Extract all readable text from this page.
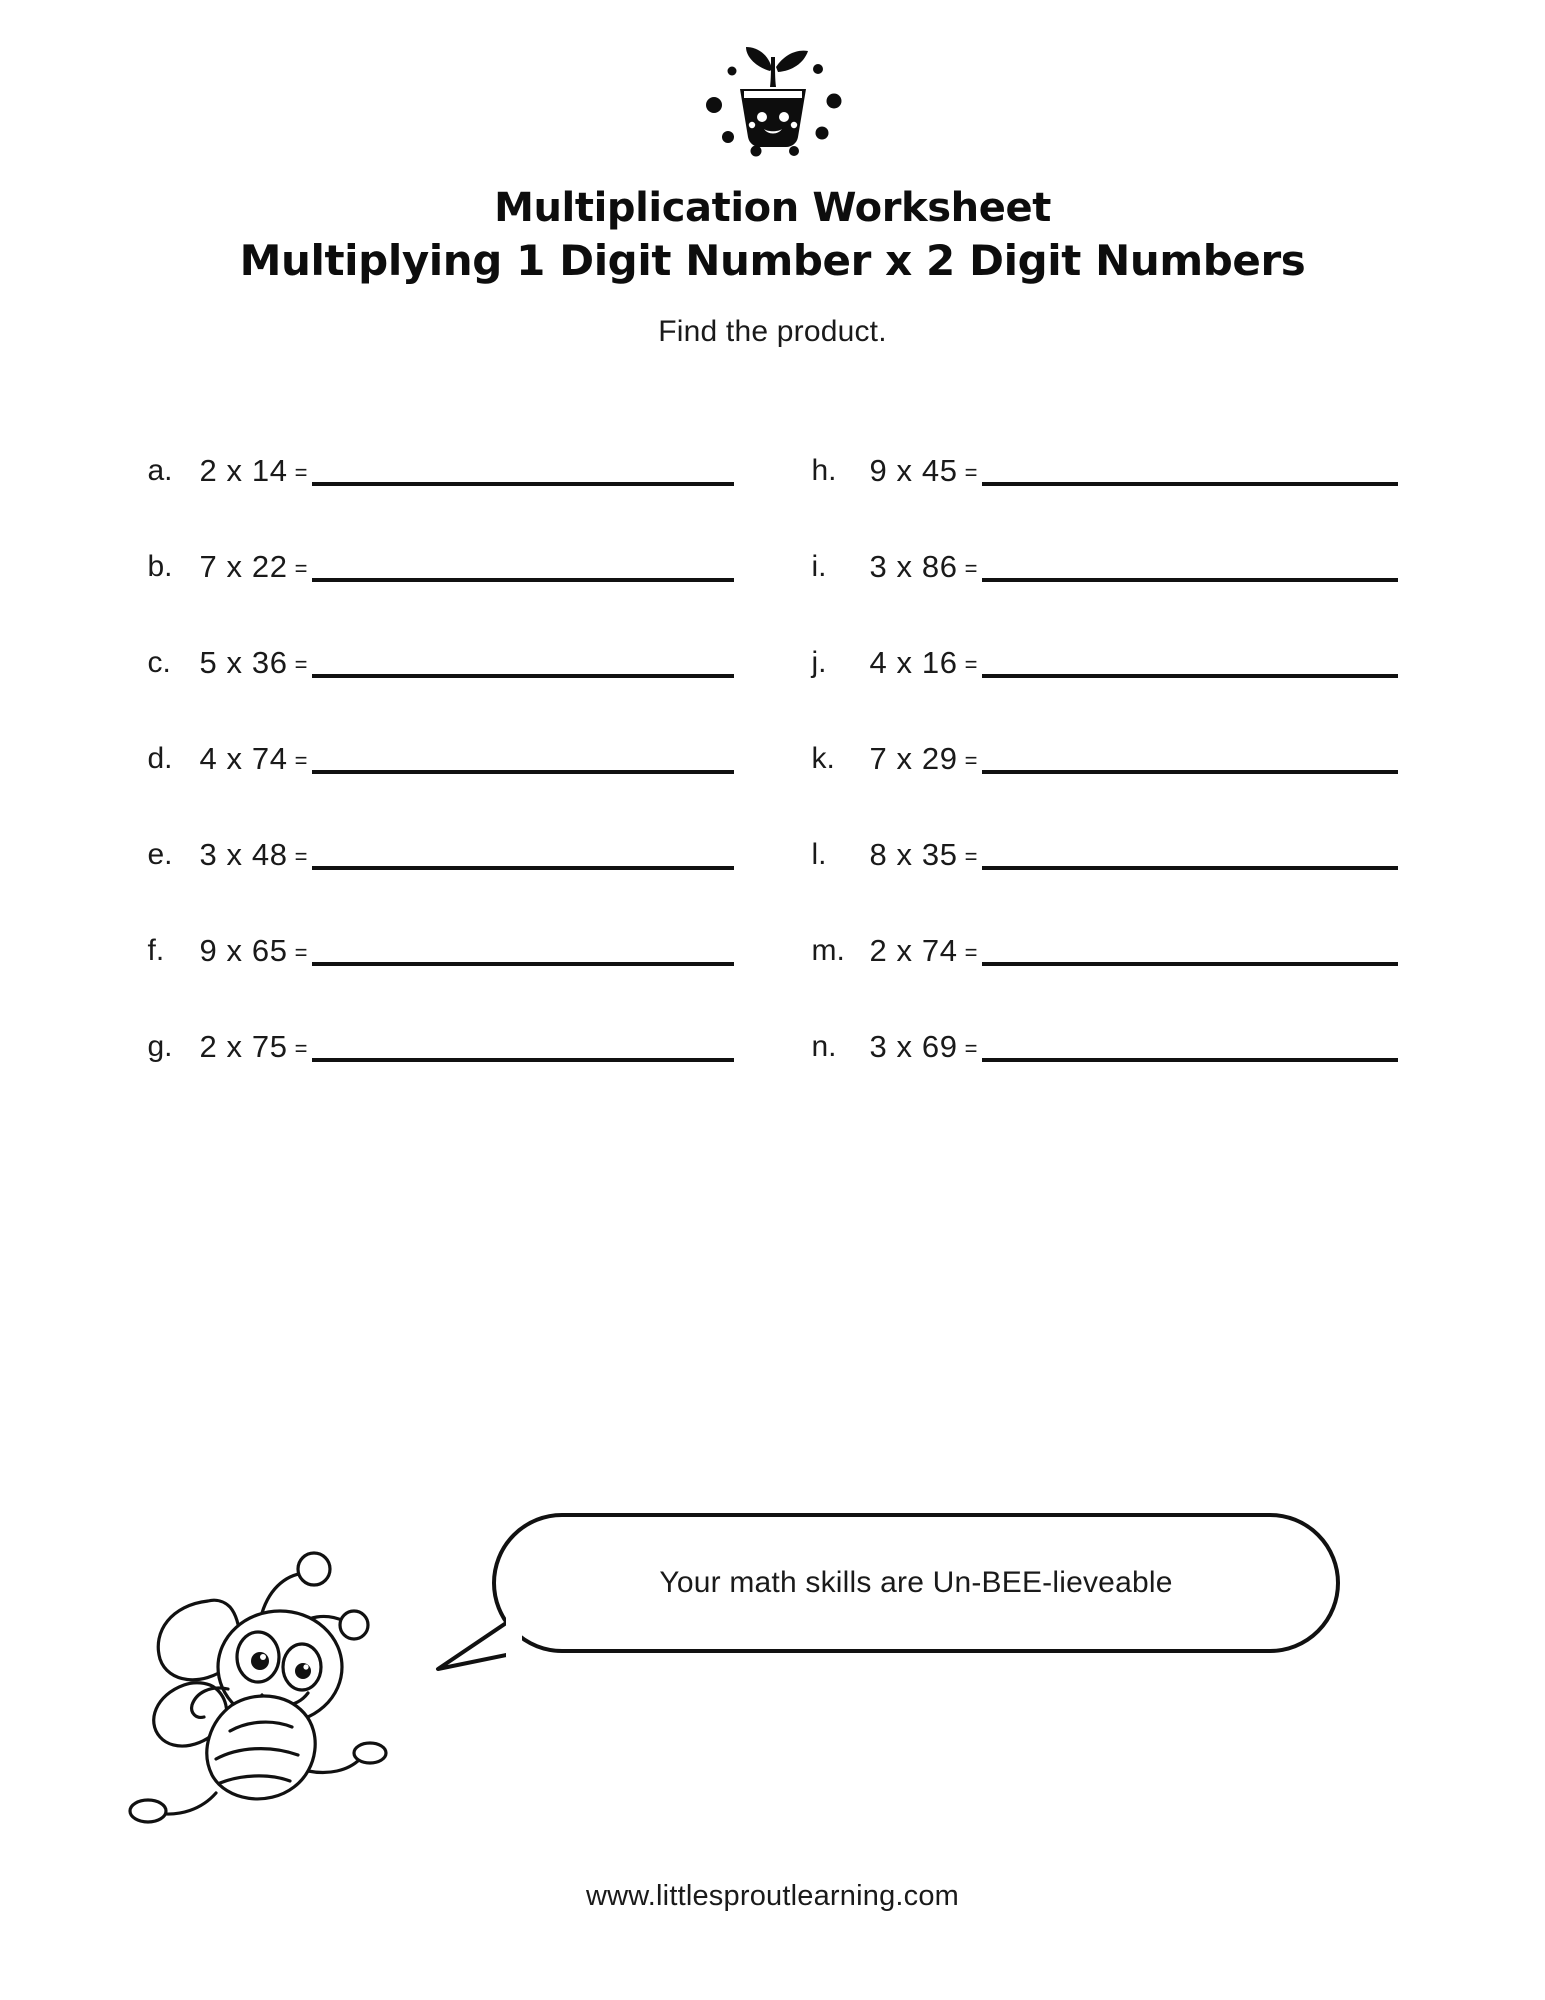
Multiplication Worksheet
Multiplying 1 Digit Number x 2 Digit Numbers
Find the product.
a. 2 x 14 =
b. 7 x 22 =
c. 5 x 36 =
d. 4 x 74 =
e. 3 x 48 =
f.	9 x 65 =
g. 2 x 75 =
h.	9 x 45 =
i.	3 x 86 =
j.	4 x 16 =
k.	7 x 29 =
l.	8 x 35 =
m. 2 x 74 =
n.	3 x 69 =
Your math skills are Un-BEE-lieveable
www.littlesproutlearning.com
